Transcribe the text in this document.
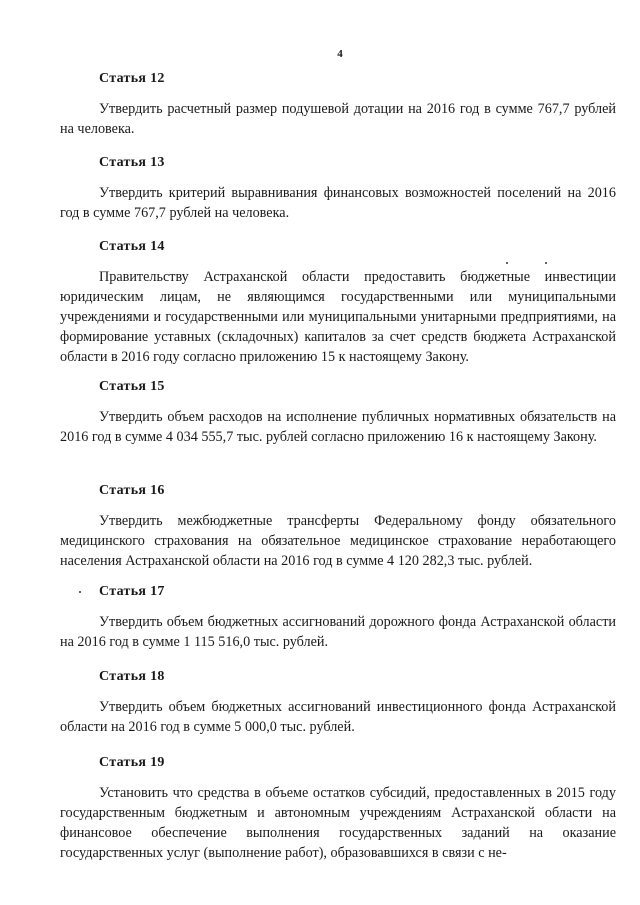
4

Статья 12

Утвердить расчетный размер подушевой дотации на 2016 год в сумме 767,7 рублей на человека.

Статья 13

Утвердить критерий выравнивания финансовых возможностей поселений на 2016 год в сумме 767,7 рублей на человека.

Статья 14

Правительству Астраханской области предоставить бюджетные инвестиции юридическим лицам, не являющимся государственными или муниципальными учреждениями и государственными или муниципальными унитарными предприятиями, на формирование уставных (складочных) капиталов за счет средств бюджета Астраханской области в 2016 году согласно приложению 15 к настоящему Закону.

Статья 15

Утвердить объем расходов на исполнение публичных нормативных обязательств на 2016 год в сумме 4 034 555,7 тыс. рублей согласно приложению 16 к настоящему Закону.

Статья 16

Утвердить межбюджетные трансферты Федеральному фонду обязательного медицинского страхования на обязательное медицинское страхование неработающего населения Астраханской области на 2016 год в сумме 4 120 282,3 тыс. рублей.

Статья 17

Утвердить объем бюджетных ассигнований дорожного фонда Астраханской области на 2016 год в сумме 1 115 516,0 тыс. рублей.

Статья 18

Утвердить объем бюджетных ассигнований инвестиционного фонда Астраханской области на 2016 год в сумме 5 000,0 тыс. рублей.

Статья 19

Установить что средства в объеме остатков субсидий, предоставленных в 2015 году государственным бюджетным и автономным учреждениям Астраханской области на финансовое обеспечение выполнения государственных заданий на оказание государственных услуг (выполнение работ), образовавшихся в связи с не-
